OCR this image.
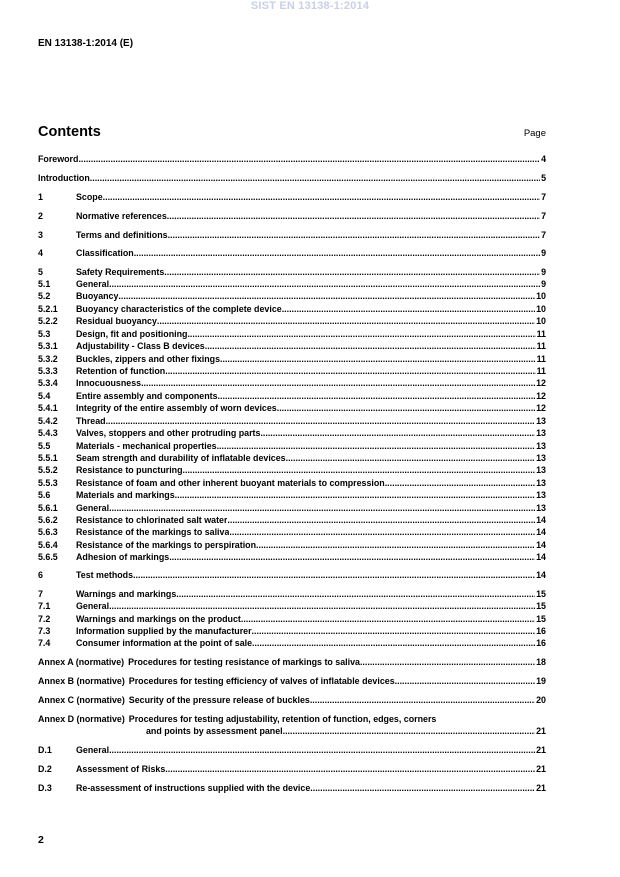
SIST EN 13138-1:2014
EN 13138-1:2014 (E)
Contents	Page
Foreword .....	4
Introduction .....	5
1	Scope .....	7
2	Normative references .....	7
3	Terms and definitions .....	7
4	Classification .....	9
5	Safety Requirements .....	9
5.1	General .....	9
5.2	Buoyancy .....	10
5.2.1	Buoyancy characteristics of the complete device .....	10
5.2.2	Residual buoyancy .....	10
5.3	Design, fit and positioning .....	11
5.3.1	Adjustability - Class B devices .....	11
5.3.2	Buckles, zippers and other fixings .....	11
5.3.3	Retention of function .....	11
5.3.4	Innocuousness .....	12
5.4	Entire assembly and components .....	12
5.4.1	Integrity of the entire assembly of worn devices .....	12
5.4.2	Thread .....	13
5.4.3	Valves, stoppers and other protruding parts .....	13
5.5	Materials - mechanical properties .....	13
5.5.1	Seam strength and durability of inflatable devices .....	13
5.5.2	Resistance to puncturing .....	13
5.5.3	Resistance of foam and other inherent buoyant materials to compression .....	13
5.6	Materials and markings .....	13
5.6.1	General .....	13
5.6.2	Resistance to chlorinated salt water .....	14
5.6.3	Resistance of the markings to saliva .....	14
5.6.4	Resistance of the markings to perspiration .....	14
5.6.5	Adhesion of markings .....	14
6	Test methods .....	14
7	Warnings and markings .....	15
7.1	General .....	15
7.2	Warnings and markings on the product .....	15
7.3	Information supplied by the manufacturer .....	16
7.4	Consumer information at the point of sale .....	16
Annex A (normative) Procedures for testing resistance of markings to saliva .....	18
Annex B (normative) Procedures for testing efficiency of valves of inflatable devices .....	19
Annex C (normative) Security of the pressure release of buckles .....	20
Annex D (normative) Procedures for testing adjustability, retention of function, edges, corners
and points by assessment panel .....	21
D.1	General .....	21
D.2	Assessment of Risks .....	21
D.3	Re-assessment of instructions supplied with the device .....	21
2
